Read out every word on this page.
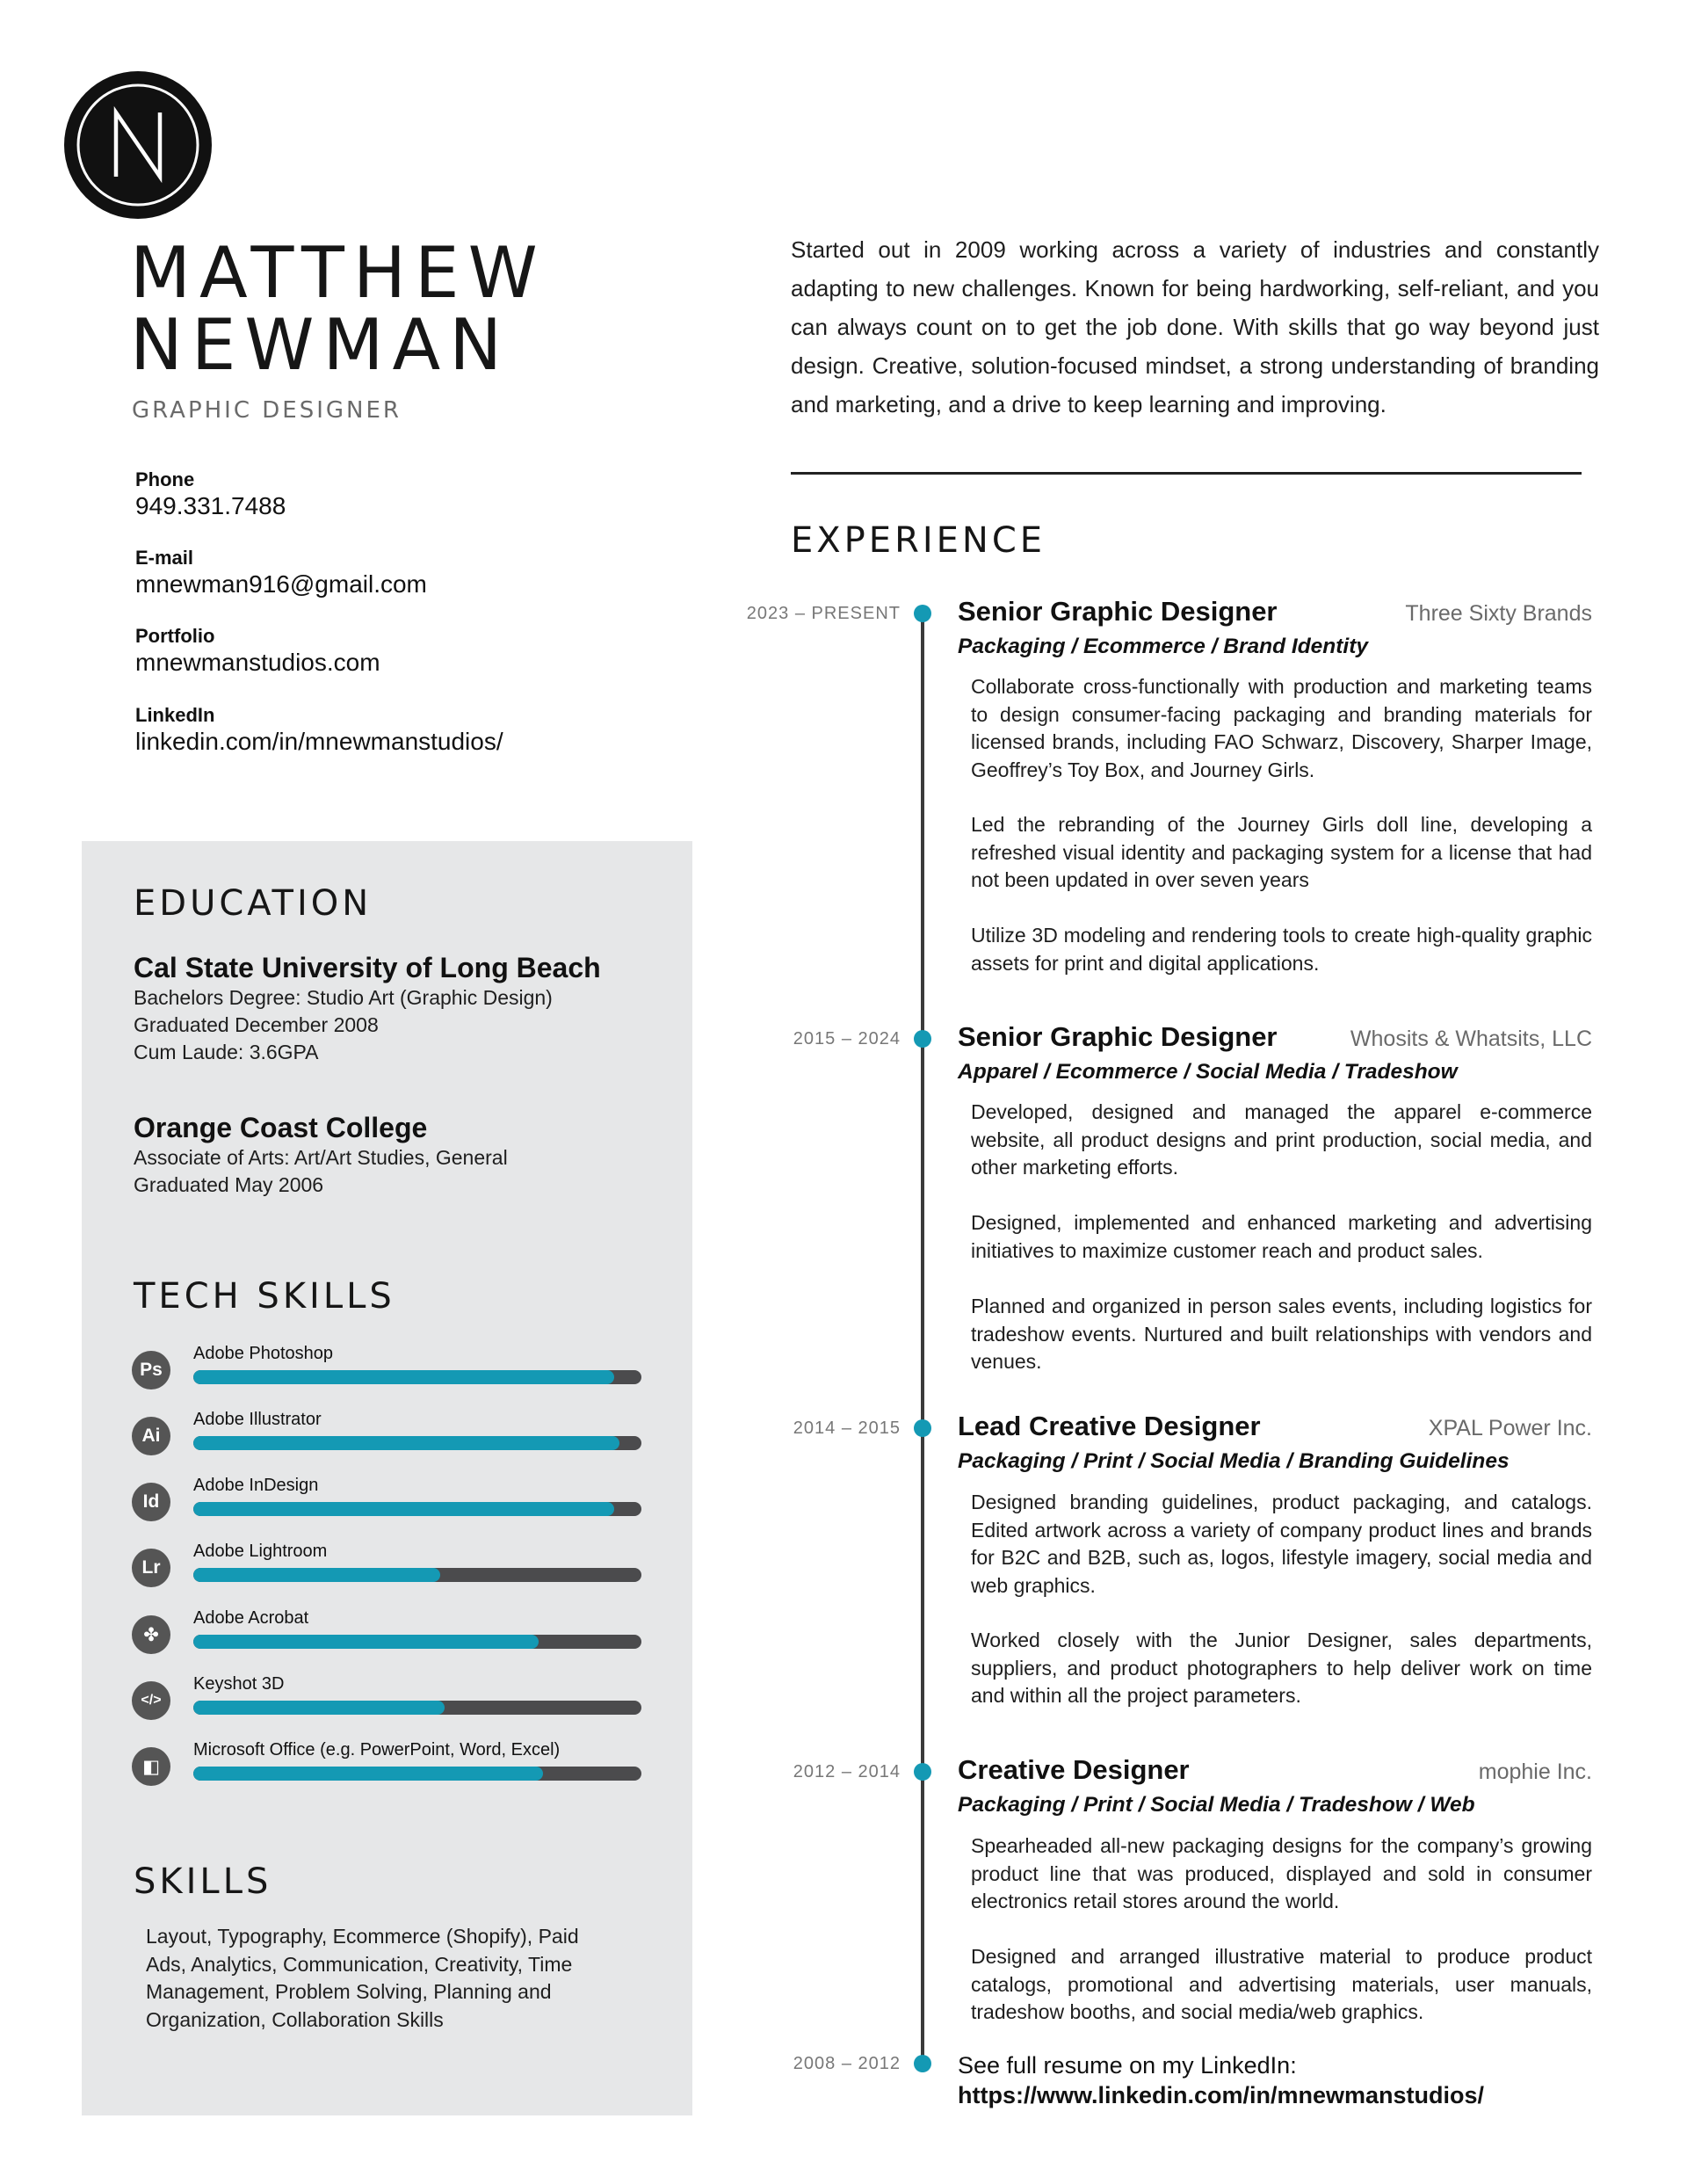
MATTHEW
NEWMAN
GRAPHIC DESIGNER
Phone
949.331.7488
E-mail
mnewman916@gmail.com
Portfolio
mnewmanstudios.com
LinkedIn
linkedin.com/in/mnewmanstudios/
EDUCATION
Cal State University of Long Beach
Bachelors Degree: Studio Art (Graphic Design)
Graduated December 2008
Cum Laude: 3.6GPA
Orange Coast College
Associate of Arts: Art/Art Studies, General
Graduated May 2006
TECH SKILLS
Ps
Adobe Photoshop
Ai
Adobe Illustrator
Id
Adobe InDesign
Lr
Adobe Lightroom
✤
Adobe Acrobat
</>
Keyshot 3D
◧
Microsoft Office (e.g. PowerPoint, Word, Excel)
SKILLS
Layout, Typography, Ecommerce (Shopify), Paid Ads, Analytics, Communication, Creativity, Time Management, Problem Solving, Planning and Organization, Collaboration Skills
Started out in 2009 working across a variety of industries and constantly adapting to new challenges. Known for being hardworking, self-reliant, and you can always count on to get the job done. With skills that go way beyond just design. Creative, solution-focused mindset, a strong understanding of branding and marketing, and a drive to keep learning and improving.
EXPERIENCE
2023 – PRESENT Senior Graphic Designer	Three Sixty Brands
Packaging / Ecommerce / Brand Identity
Collaborate cross-functionally with production and marketing teams to design consumer-facing packaging and branding materials for licensed brands, including FAO Schwarz, Discovery, Sharper Image, Geoffrey’s Toy Box, and Journey Girls.
Led the rebranding of the Journey Girls doll line, developing a refreshed visual identity and packaging system for a license that had not been updated in over seven years
Utilize 3D modeling and rendering tools to create high-quality graphic assets for print and digital applications.
2015 – 2024 Senior Graphic Designer	Whosits & Whatsits, LLC
Apparel / Ecommerce / Social Media / Tradeshow
Developed, designed and managed the apparel e-commerce website, all product designs and print production, social media, and other marketing efforts.
Designed, implemented and enhanced marketing and advertising initiatives to maximize customer reach and product sales.
Planned and organized in person sales events, including logistics for tradeshow events. Nurtured and built relationships with vendors and venues.
2014 – 2015 Lead Creative Designer	XPAL Power Inc.
Packaging / Print / Social Media / Branding Guidelines
Designed branding guidelines, product packaging, and catalogs. Edited artwork across a variety of company product lines and brands for B2C and B2B, such as, logos, lifestyle imagery, social media and web graphics.
Worked closely with the Junior Designer, sales departments, suppliers, and product photographers to help deliver work on time and within all the project parameters.
2012 – 2014 Creative Designer	mophie Inc.
Packaging / Print / Social Media / Tradeshow / Web
Spearheaded all-new packaging designs for the company’s growing product line that was produced, displayed and sold in consumer electronics retail stores around the world.
Designed and arranged illustrative material to produce product catalogs, promotional and advertising materials, user manuals, tradeshow booths, and social media/web graphics.
2008 – 2012 See full resume on my LinkedIn:
https://www.linkedin.com/in/mnewmanstudios/
